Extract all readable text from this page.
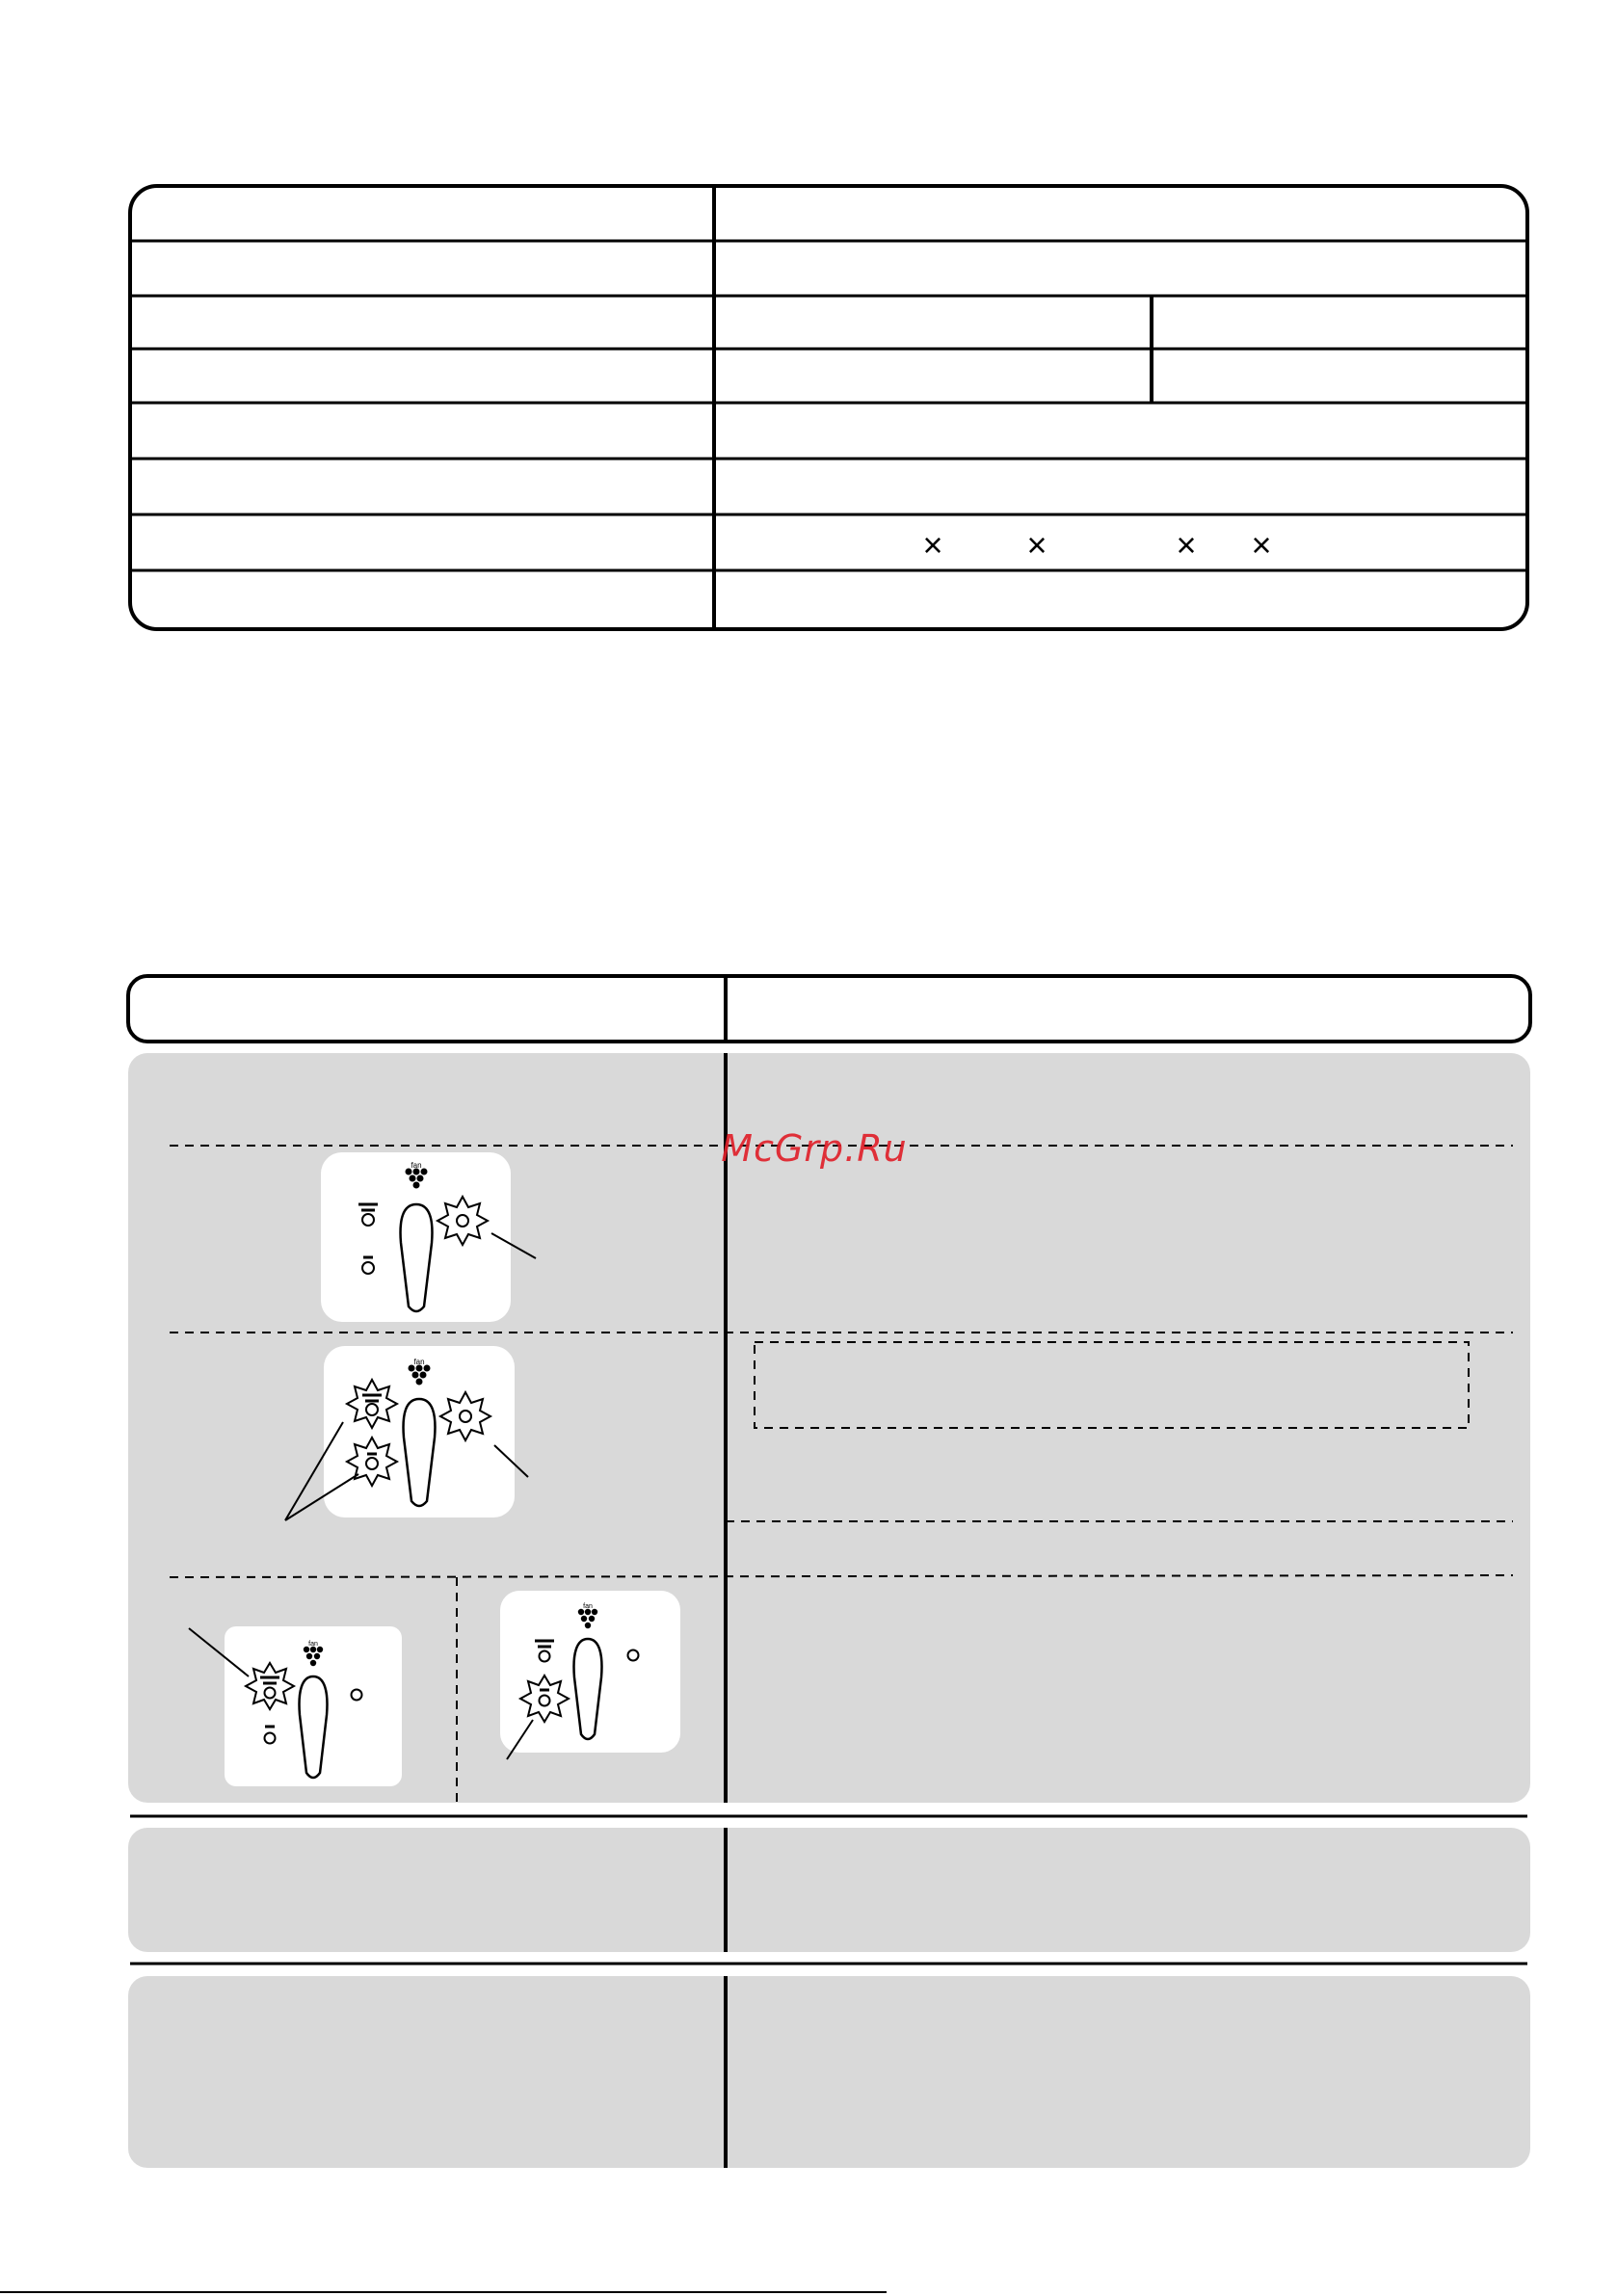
× ×	× ×
fan
fan
fan
fan
McGrp.Ru
